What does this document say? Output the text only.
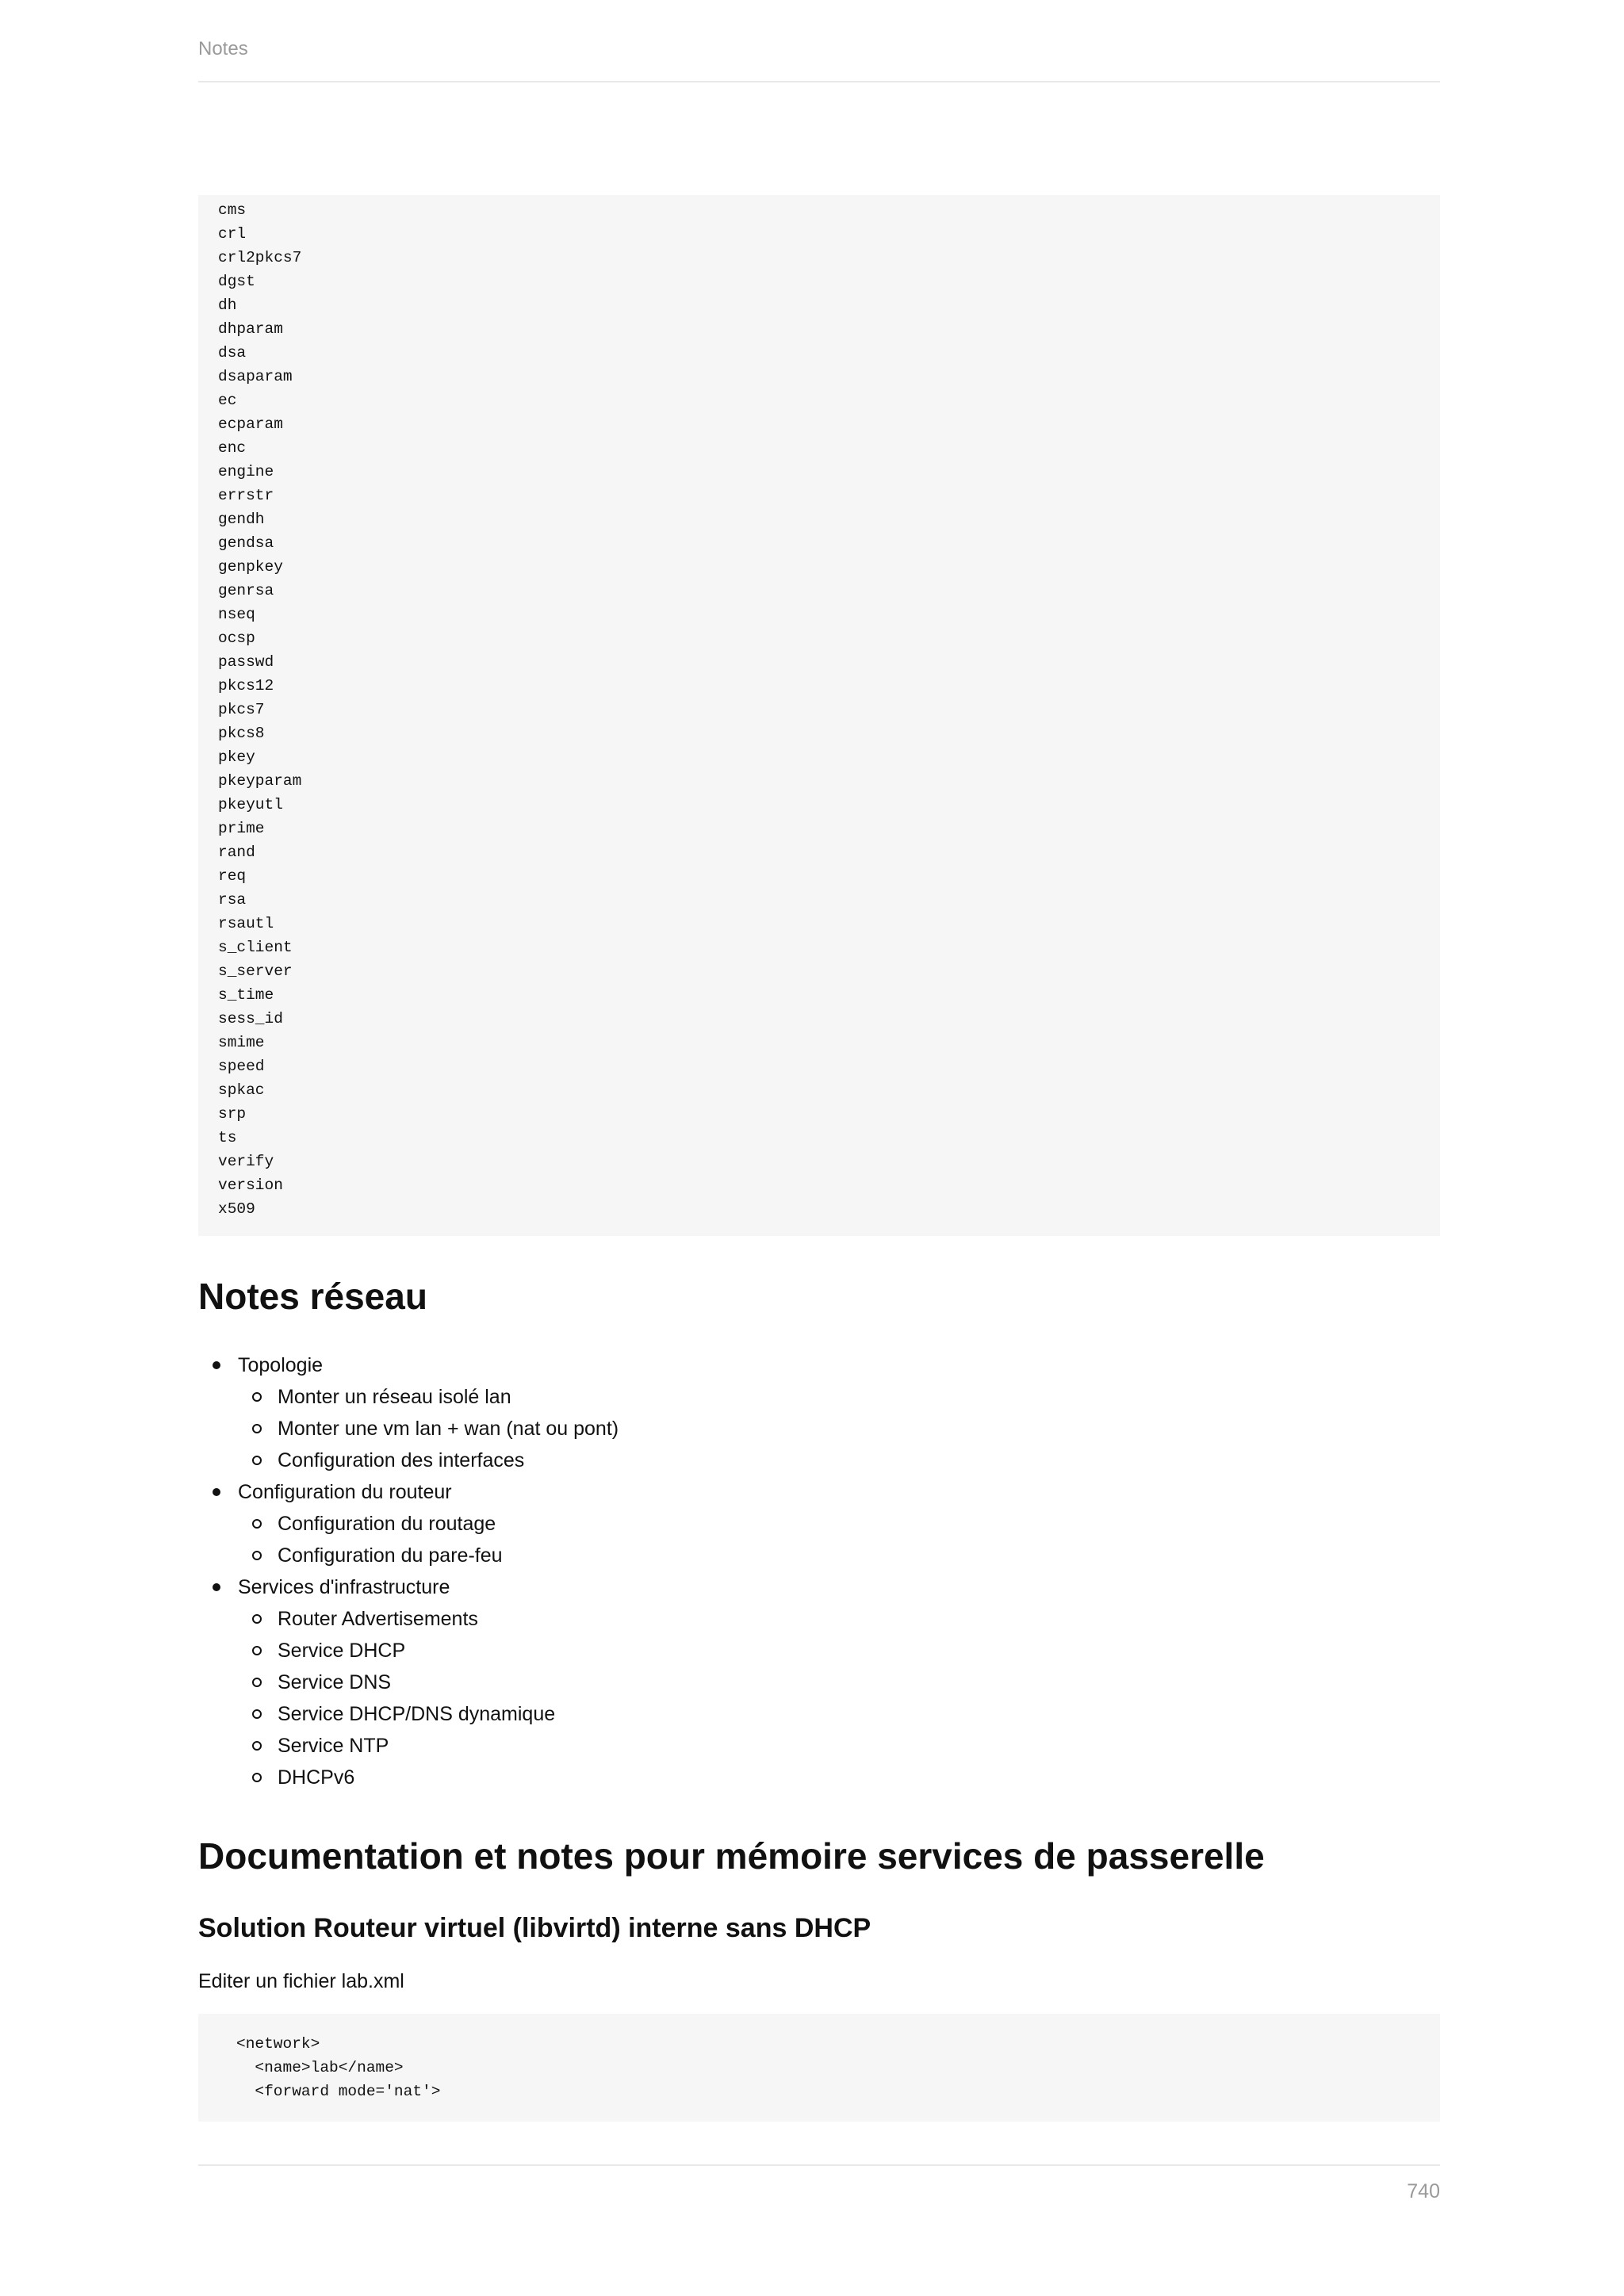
Notes
cms
crl
crl2pkcs7
dgst
dh
dhparam
dsa
dsaparam
ec
ecparam
enc
engine
errstr
gendh
gendsa
genpkey
genrsa
nseq
ocsp
passwd
pkcs12
pkcs7
pkcs8
pkey
pkeyparam
pkeyutl
prime
rand
req
rsa
rsautl
s_client
s_server
s_time
sess_id
smime
speed
spkac
srp
ts
verify
version
x509
Notes réseau
Topologie
Monter un réseau isolé lan
Monter une vm lan + wan (nat ou pont)
Configuration des interfaces
Configuration du routeur
Configuration du routage
Configuration du pare-feu
Services d'infrastructure
Router Advertisements
Service DHCP
Service DNS
Service DHCP/DNS dynamique
Service NTP
DHCPv6
Documentation et notes pour mémoire services de passerelle
Solution Routeur virtuel (libvirtd) interne sans DHCP
Editer un fichier lab.xml
<network>
<name>lab</name>
<forward mode='nat'>
740
